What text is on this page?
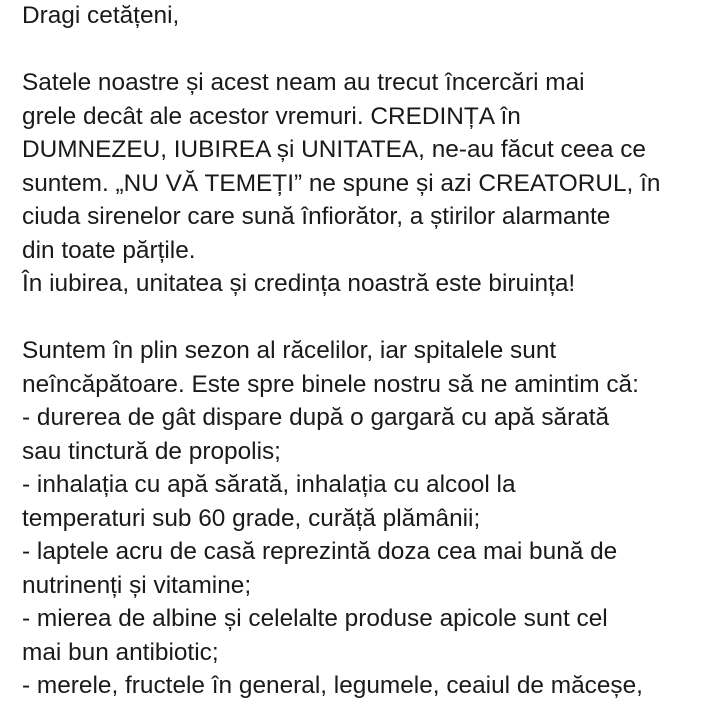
Dragi cetățeni,
Satele noastre și acest neam au trecut încercări mai
grele decât ale acestor vremuri. CREDINȚA în
DUMNEZEU, IUBIREA și UNITATEA, ne-au făcut ceea ce
suntem. „NU VĂ TEMEȚI” ne spune și azi CREATORUL, în
ciuda sirenelor care sună înfiorător, a știrilor alarmante
din toate părțile.
În iubirea, unitatea și credința noastră este biruința!
Suntem în plin sezon al răcelilor, iar spitalele sunt
neîncăpătoare. Este spre binele nostru să ne amintim că:
- durerea de gât dispare după o gargară cu apă sărată
sau tinctură de propolis;
- inhalația cu apă sărată, inhalația cu alcool la
temperaturi sub 60 grade, curăță plămânii;
- laptele acru de casă reprezintă doza cea mai bună de
nutrinenți și vitamine;
- mierea de albine și celelalte produse apicole sunt cel
mai bun antibiotic;
- merele, fructele în general, legumele, ceaiul de măceșe,
